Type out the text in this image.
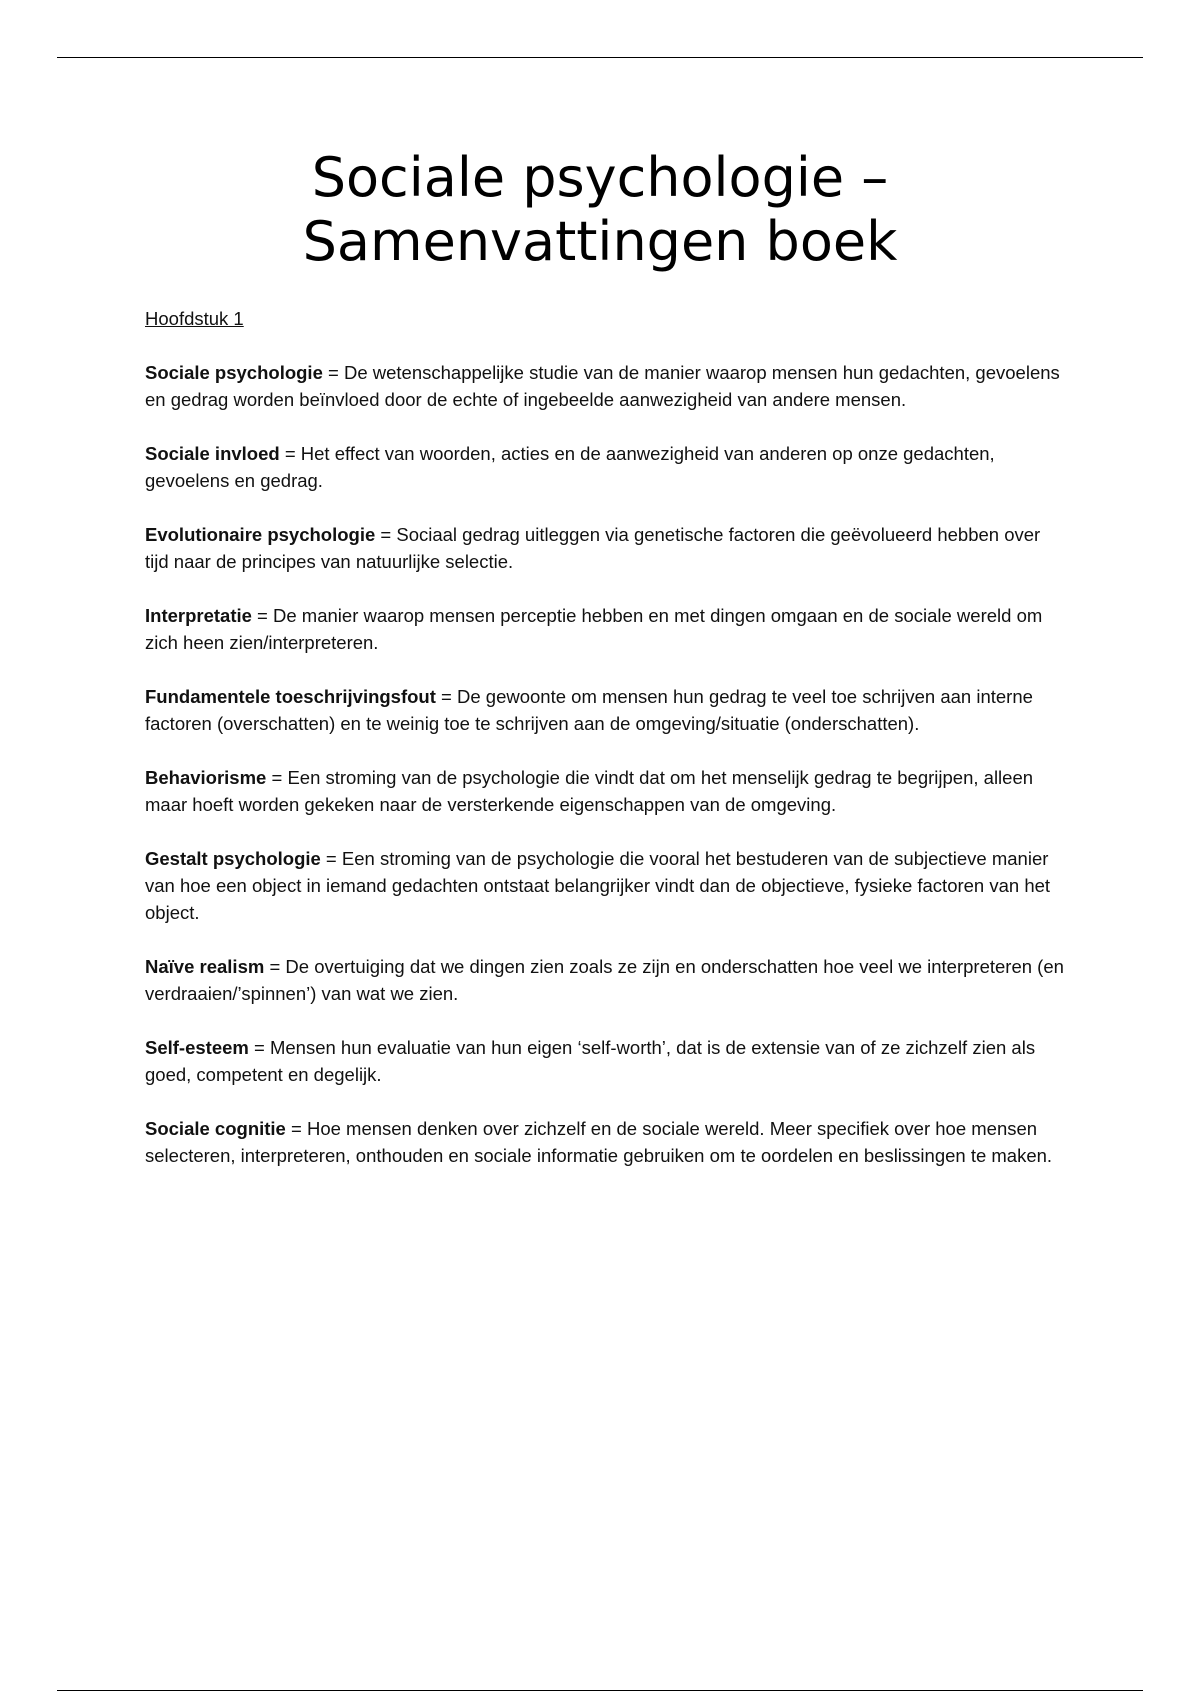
Sociale psychologie –
Samenvattingen boek

Hoofdstuk 1

Sociale psychologie = De wetenschappelijke studie van de manier waarop mensen hun gedachten, gevoelens en gedrag worden beïnvloed door de echte of ingebeelde aanwezigheid van andere mensen.

Sociale invloed = Het effect van woorden, acties en de aanwezigheid van anderen op onze gedachten, gevoelens en gedrag.

Evolutionaire psychologie = Sociaal gedrag uitleggen via genetische factoren die geëvolueerd hebben over tijd naar de principes van natuurlijke selectie.

Interpretatie = De manier waarop mensen perceptie hebben en met dingen omgaan en de sociale wereld om zich heen zien/interpreteren.

Fundamentele toeschrijvingsfout = De gewoonte om mensen hun gedrag te veel toe schrijven aan interne factoren (overschatten) en te weinig toe te schrijven aan de omgeving/situatie (onderschatten).

Behaviorisme = Een stroming van de psychologie die vindt dat om het menselijk gedrag te begrijpen, alleen maar hoeft worden gekeken naar de versterkende eigenschappen van de omgeving.

Gestalt psychologie = Een stroming van de psychologie die vooral het bestuderen van de subjectieve manier van hoe een object in iemand gedachten ontstaat belangrijker vindt dan de objectieve, fysieke factoren van het object.

Naïve realism = De overtuiging dat we dingen zien zoals ze zijn en onderschatten hoe veel we interpreteren (en verdraaien/’spinnen’) van wat we zien.

Self-esteem = Mensen hun evaluatie van hun eigen ‘self-worth’, dat is de extensie van of ze zichzelf zien als goed, competent en degelijk.

Sociale cognitie = Hoe mensen denken over zichzelf en de sociale wereld. Meer specifiek over hoe mensen selecteren, interpreteren, onthouden en sociale informatie gebruiken om te oordelen en beslissingen te maken.
